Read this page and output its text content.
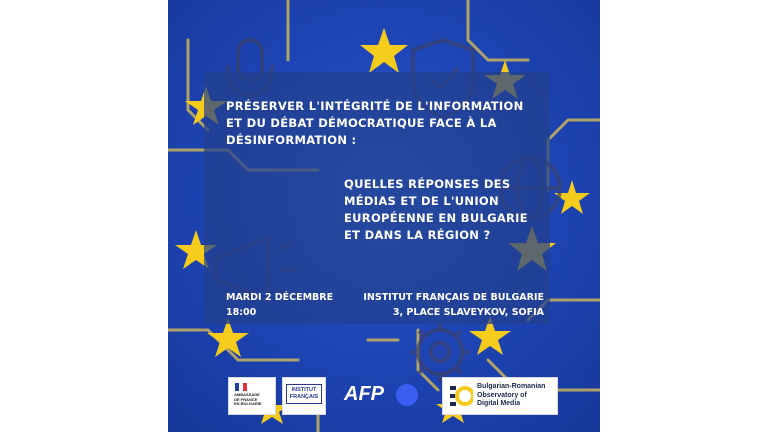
PRÉSERVER L'INTÉGRITÉ DE L'INFORMATION
ET DU DÉBAT DÉMOCRATIQUE FACE À LA
DÉSINFORMATION :
QUELLES RÉPONSES DES
MÉDIAS ET DE L'UNION
EUROPÉENNE EN BULGARIE
ET DANS LA RÉGION ?
MARDI 2 DÉCEMBRE
18:00
INSTITUT FRANÇAIS DE BULGARIE
3, PLACE SLAVEYKOV, SOFIA
AMBASSADE
DE FRANCE
EN BULGARIE
INSTITUT
FRANÇAIS AFP	Bulgarian-Romanian
Observatory of
Digital Media
